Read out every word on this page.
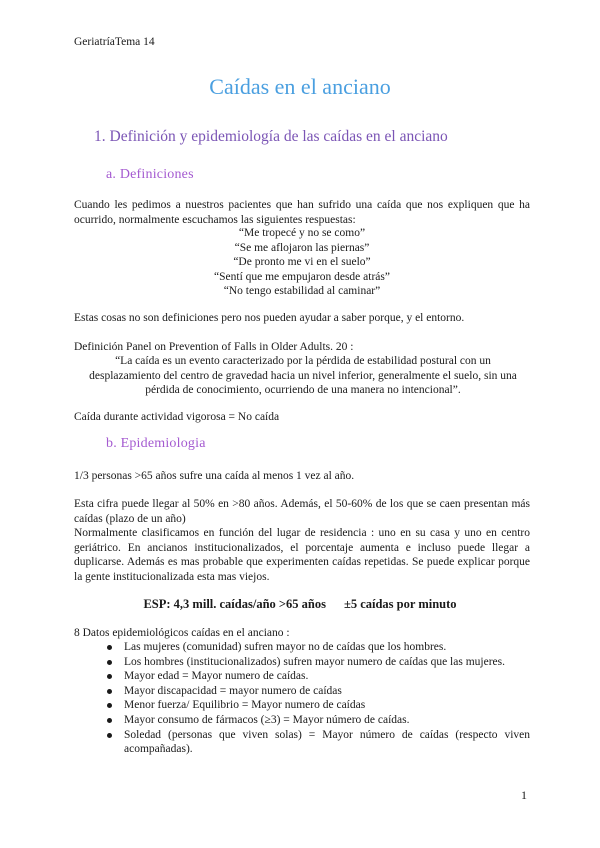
GeriatríaTema 14
Caídas en el anciano
1. Definición y epidemiología de las caídas en el anciano
a. Definiciones
Cuando les pedimos a nuestros pacientes que han sufrido una caída que nos expliquen que ha ocurrido, normalmente escuchamos las siguientes respuestas:
“Me tropecé y no se como”
“Se me aflojaron las piernas”
“De pronto me vi en el suelo”
“Sentí que me empujaron desde atrás”
“No tengo estabilidad al caminar”
Estas cosas no son definiciones pero nos pueden ayudar a saber porque, y el entorno.
Definición Panel on Prevention of Falls in Older Adults. 20 :
“La caída es un evento caracterizado por la pérdida de estabilidad postural con un desplazamiento del centro de gravedad hacia un nivel inferior, generalmente el suelo, sin una pérdida de conocimiento, ocurriendo de una manera no intencional”.
Caída durante actividad vigorosa = No caída
b. Epidemiologia
1/3 personas >65 años sufre una caída al menos 1 vez al año.
Esta cifra puede llegar al 50% en >80 años. Además, el 50-60% de los que se caen presentan más caídas (plazo de un año)
Normalmente clasificamos en función del lugar de residencia : uno en su casa y uno en centro geriátrico. En ancianos institucionalizados, el porcentaje aumenta e incluso puede llegar a duplicarse. Además es mas probable que experimenten caídas repetidas. Se puede explicar porque la gente institucionalizada esta mas viejos.
ESP: 4,3 mill. caídas/año >65 años ±5 caídas por minuto
8 Datos epidemiológicos caídas en el anciano :
Las mujeres (comunidad) sufren mayor no de caídas que los hombres.
Los hombres (institucionalizados) sufren mayor numero de caídas que las mujeres.
Mayor edad = Mayor numero de caídas.
Mayor discapacidad = mayor numero de caídas
Menor fuerza/ Equilibrio = Mayor numero de caídas
Mayor consumo de fármacos (≥3) = Mayor número de caídas.
Soledad (personas que viven solas) = Mayor número de caídas (respecto viven acompañadas).
1
